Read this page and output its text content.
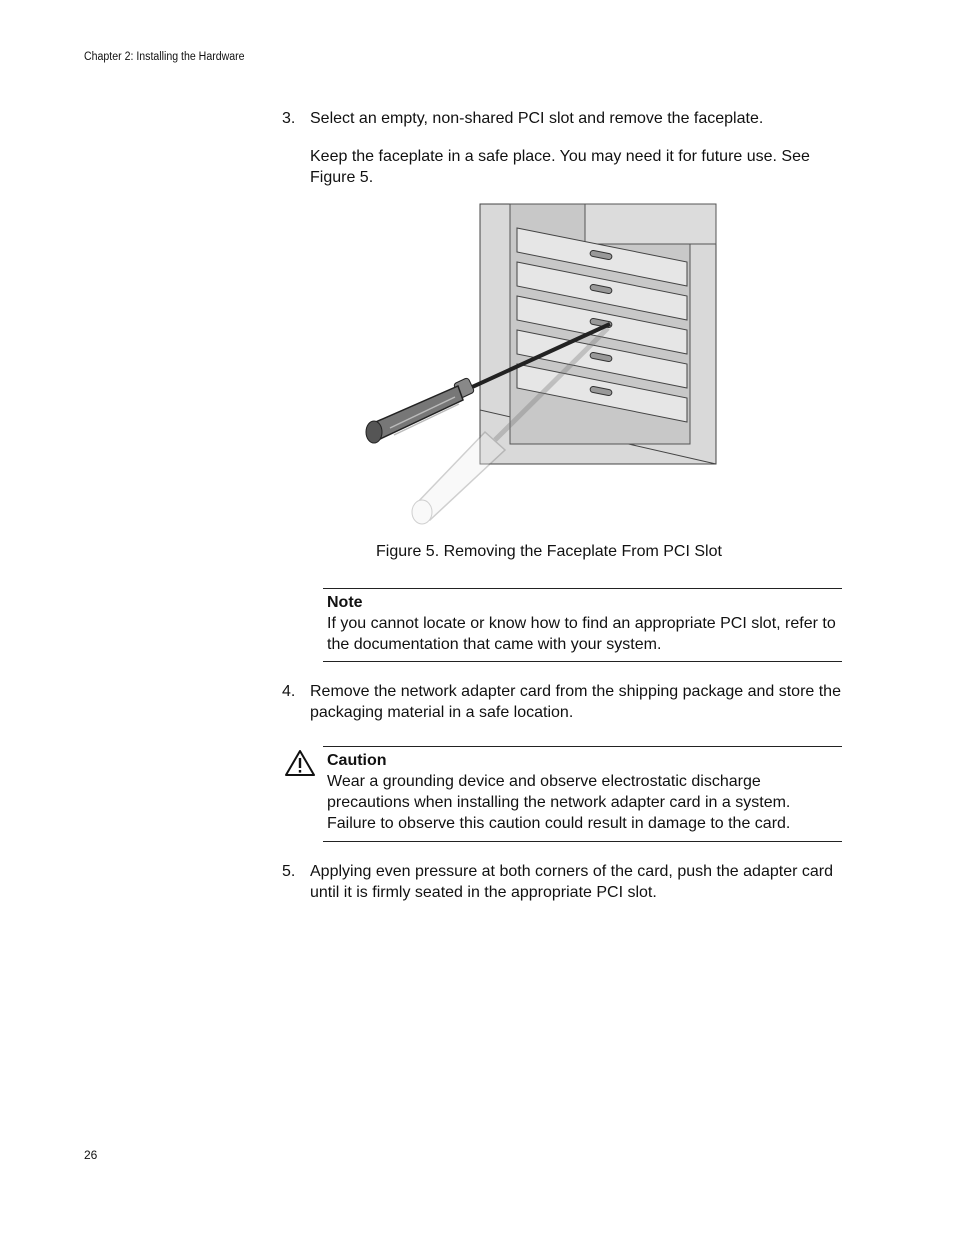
Chapter 2: Installing the Hardware
3. Select an empty, non-shared PCI slot and remove the faceplate.
Keep the faceplate in a safe place. You may need it for future use. See Figure 5.
Figure 5. Removing the Faceplate From PCI Slot
Note
If you cannot locate or know how to find an appropriate PCI slot, refer to the documentation that came with your system.
4. Remove the network adapter card from the shipping package and store the packaging material in a safe location.
Caution
Wear a grounding device and observe electrostatic discharge precautions when installing the network adapter card in a system. Failure to observe this caution could result in damage to the card.
5. Applying even pressure at both corners of the card, push the adapter card until it is firmly seated in the appropriate PCI slot.
26
